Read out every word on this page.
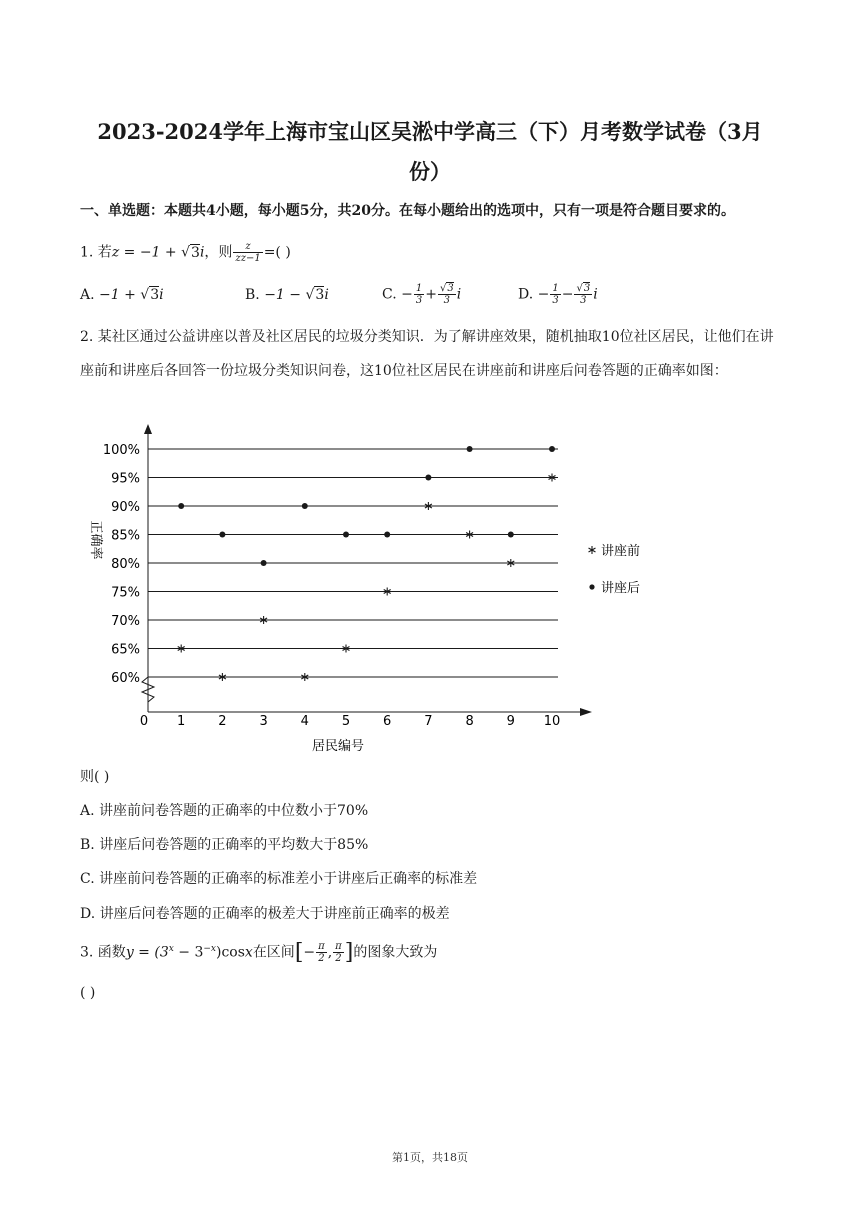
2023-2024学年上海市宝山区吴淞中学高三（下）月考数学试卷（3月
份）
一、单选题：本题共4小题，每小题5分，共20分。在每小题给出的选项中，只有一项是符合题目要求的。
1. 若z = −1 + √3i，则 $\frac{z}{zz-1}$ =( )
A. −1 + √3i	B. −1 − √3i	C. − $\frac{1}{3} + \frac{√3}{3}$ i	D. − $\frac{1}{3} - \frac{√3}{3}$ i
2. 某社区通过公益讲座以普及社区居民的垃圾分类知识．为了解讲座效果，随机抽取10位社区居民，让他们在讲座前和讲座后各回答一份垃圾分类知识问卷，这10位社区居民在讲座前和讲座后问卷答题的正确率如图：
60%
65%
70%
75%
80%
85%
90%
95%
100%
1	2	3	4	5	6	7	8	9 10
0
居民编号
正确率	讲座前
讲座后
则( )
A. 讲座前问卷答题的正确率的中位数小于70%
B. 讲座后问卷答题的正确率的平均数大于85%
C. 讲座前问卷答题的正确率的标准差小于讲座后正确率的标准差
D. 讲座后问卷答题的正确率的极差大于讲座前正确率的极差
3. 函数$y = (3^x - 3^{-x})\cos x$在区间[− $\frac{\pi}{2}$ , $\frac{\pi}{2}$ ]的图象大致为
( )
第1页，共18页
